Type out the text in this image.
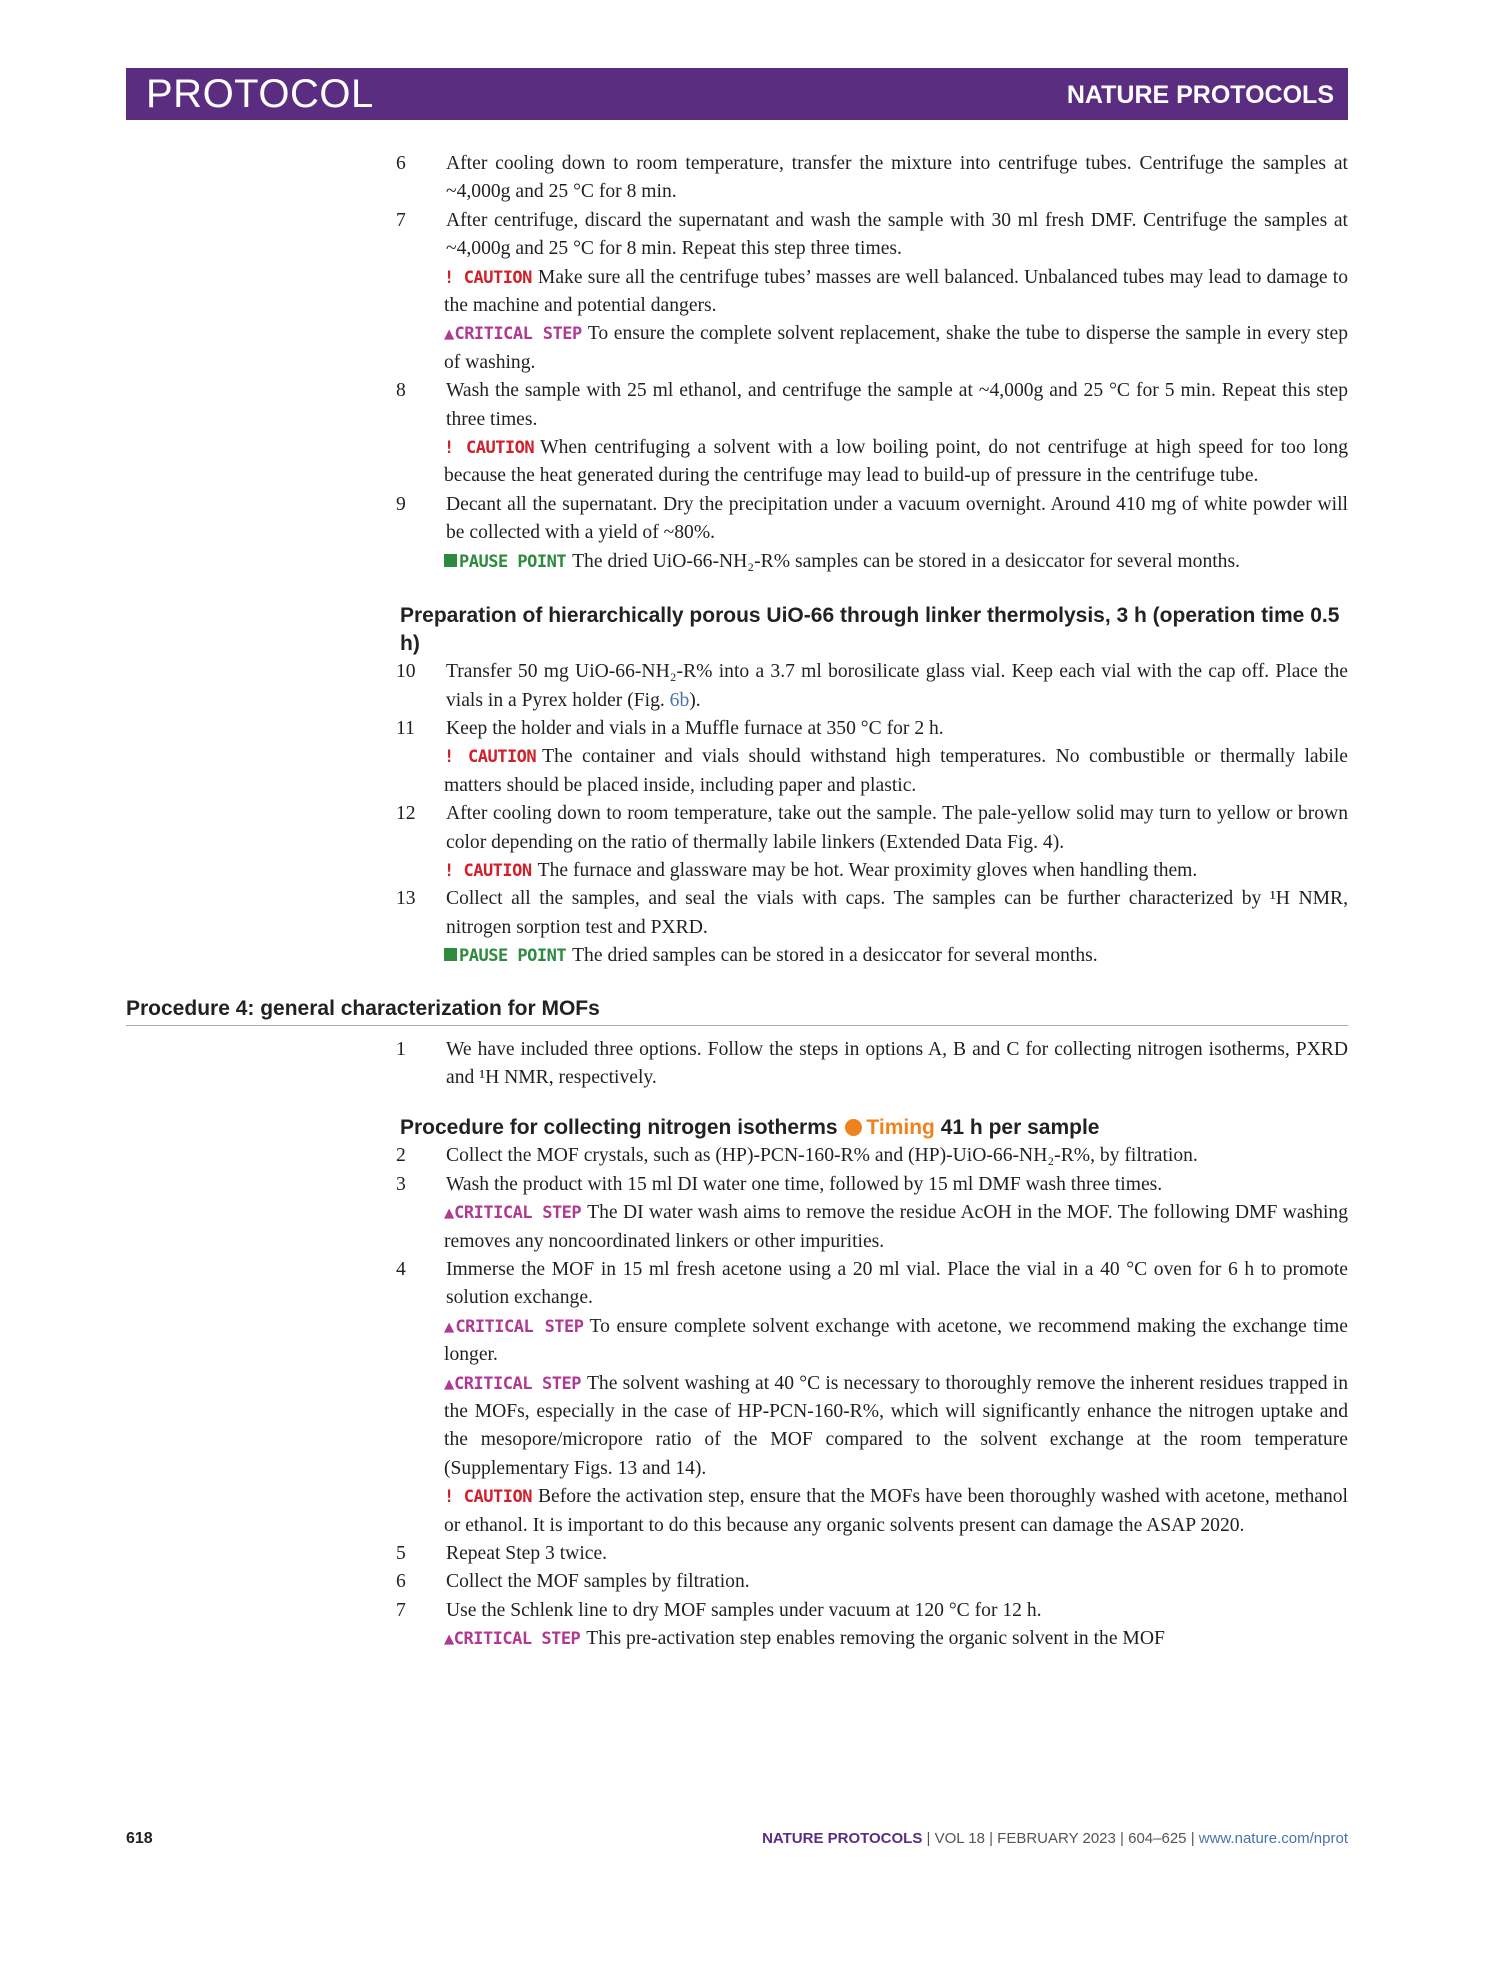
PROTOCOL	NATURE PROTOCOLS
6	After cooling down to room temperature, transfer the mixture into centrifuge tubes. Centrifuge the samples at ~4,000g and 25 °C for 8 min.
7	After centrifuge, discard the supernatant and wash the sample with 30 ml fresh DMF. Centrifuge the samples at ~4,000g and 25 °C for 8 min. Repeat this step three times.
! CAUTION Make sure all the centrifuge tubes’ masses are well balanced. Unbalanced tubes may lead to damage to the machine and potential dangers.
▲CRITICAL STEP To ensure the complete solvent replacement, shake the tube to disperse the sample in every step of washing.
8	Wash the sample with 25 ml ethanol, and centrifuge the sample at ~4,000g and 25 °C for 5 min. Repeat this step three times.
! CAUTION When centrifuging a solvent with a low boiling point, do not centrifuge at high speed for too long because the heat generated during the centrifuge may lead to build-up of pressure in the centrifuge tube.
9	Decant all the supernatant. Dry the precipitation under a vacuum overnight. Around 410 mg of white powder will be collected with a yield of ~80%.
PAUSE POINT The dried UiO-66-NH₂-R% samples can be stored in a desiccator for several months.
Preparation of hierarchically porous UiO-66 through linker thermolysis, 3 h (operation time 0.5 h)
10	Transfer 50 mg UiO-66-NH₂-R% into a 3.7 ml borosilicate glass vial. Keep each vial with the cap off. Place the vials in a Pyrex holder (Fig. 6b).
11	Keep the holder and vials in a Muffle furnace at 350 °C for 2 h.
! CAUTION The container and vials should withstand high temperatures. No combustible or thermally labile matters should be placed inside, including paper and plastic.
12	After cooling down to room temperature, take out the sample. The pale-yellow solid may turn to yellow or brown color depending on the ratio of thermally labile linkers (Extended Data Fig. 4).
! CAUTION The furnace and glassware may be hot. Wear proximity gloves when handling them.
13	Collect all the samples, and seal the vials with caps. The samples can be further characterized by ¹H NMR, nitrogen sorption test and PXRD.
PAUSE POINT The dried samples can be stored in a desiccator for several months.
Procedure 4: general characterization for MOFs
1	We have included three options. Follow the steps in options A, B and C for collecting nitrogen isotherms, PXRD and ¹H NMR, respectively.
Procedure for collecting nitrogen isotherms Timing 41 h per sample
2	Collect the MOF crystals, such as (HP)-PCN-160-R% and (HP)-UiO-66-NH₂-R%, by filtration.
3	Wash the product with 15 ml DI water one time, followed by 15 ml DMF wash three times.
▲CRITICAL STEP The DI water wash aims to remove the residue AcOH in the MOF. The following DMF washing removes any noncoordinated linkers or other impurities.
4	Immerse the MOF in 15 ml fresh acetone using a 20 ml vial. Place the vial in a 40 °C oven for 6 h to promote solution exchange.
▲CRITICAL STEP To ensure complete solvent exchange with acetone, we recommend making the exchange time longer.
▲CRITICAL STEP The solvent washing at 40 °C is necessary to thoroughly remove the inherent residues trapped in the MOFs, especially in the case of HP-PCN-160-R%, which will significantly enhance the nitrogen uptake and the mesopore/micropore ratio of the MOF compared to the solvent exchange at the room temperature (Supplementary Figs. 13 and 14).
! CAUTION Before the activation step, ensure that the MOFs have been thoroughly washed with acetone, methanol or ethanol. It is important to do this because any organic solvents present can damage the ASAP 2020.
5	Repeat Step 3 twice.
6	Collect the MOF samples by filtration.
7	Use the Schlenk line to dry MOF samples under vacuum at 120 °C for 12 h.
▲CRITICAL STEP This pre-activation step enables removing the organic solvent in the MOF
618	NATURE PROTOCOLS | VOL 18 | FEBRUARY 2023 | 604–625 | www.nature.com/nprot
